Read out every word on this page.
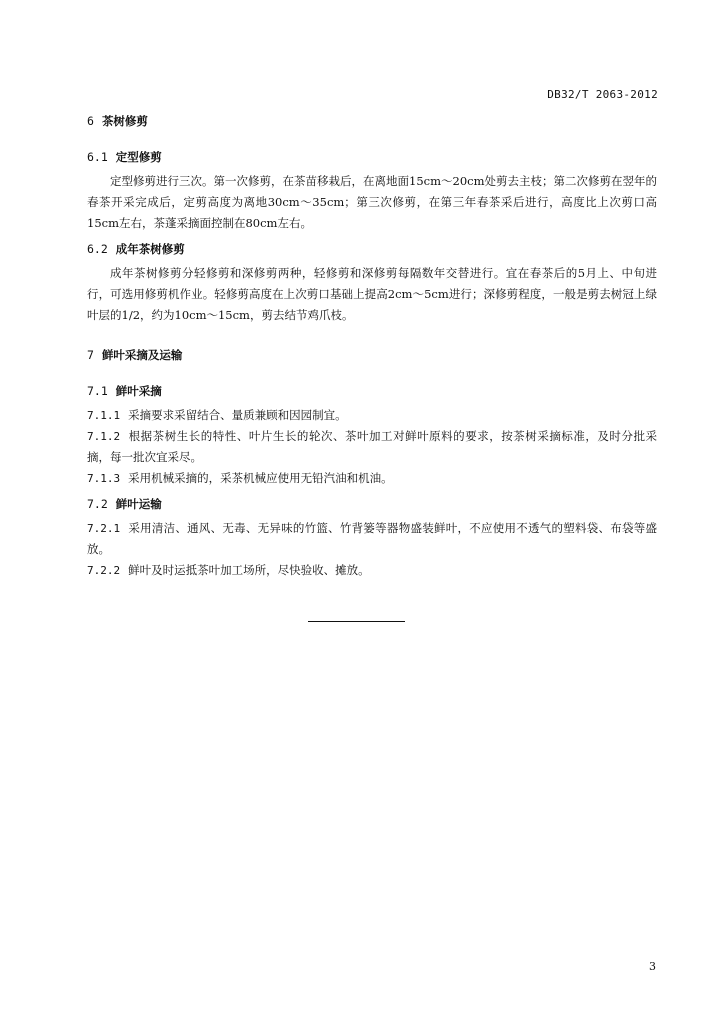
DB32/T 2063-2012
6 茶树修剪
6.1 定型修剪

定型修剪进行三次。第一次修剪，在茶苗移栽后，在离地面15cm～20cm处剪去主枝；第二次修剪在翌年的春茶开采完成后，定剪高度为离地30cm～35cm；第三次修剪，在第三年春茶采后进行，高度比上次剪口高15cm左右，茶蓬采摘面控制在80cm左右。

6.2 成年茶树修剪

成年茶树修剪分轻修剪和深修剪两种，轻修剪和深修剪每隔数年交替进行。宜在春茶后的5月上、中旬进行，可选用修剪机作业。轻修剪高度在上次剪口基础上提高2cm～5cm进行；深修剪程度，一般是剪去树冠上绿叶层的1/2，约为10cm～15cm，剪去结节鸡爪枝。

7 鲜叶采摘及运输
7.1 鲜叶采摘

7.1.1 采摘要求采留结合、量质兼顾和因园制宜。

7.1.2 根据茶树生长的特性、叶片生长的轮次、茶叶加工对鲜叶原料的要求，按茶树采摘标准，及时分批采摘，每一批次宜采尽。

7.1.3 采用机械采摘的，采茶机械应使用无铅汽油和机油。

7.2 鲜叶运输

7.2.1 采用清洁、通风、无毒、无异味的竹篮、竹背篓等器物盛装鲜叶，不应使用不透气的塑料袋、布袋等盛放。

7.2.2 鲜叶及时运抵茶叶加工场所，尽快验收、摊放。

3
